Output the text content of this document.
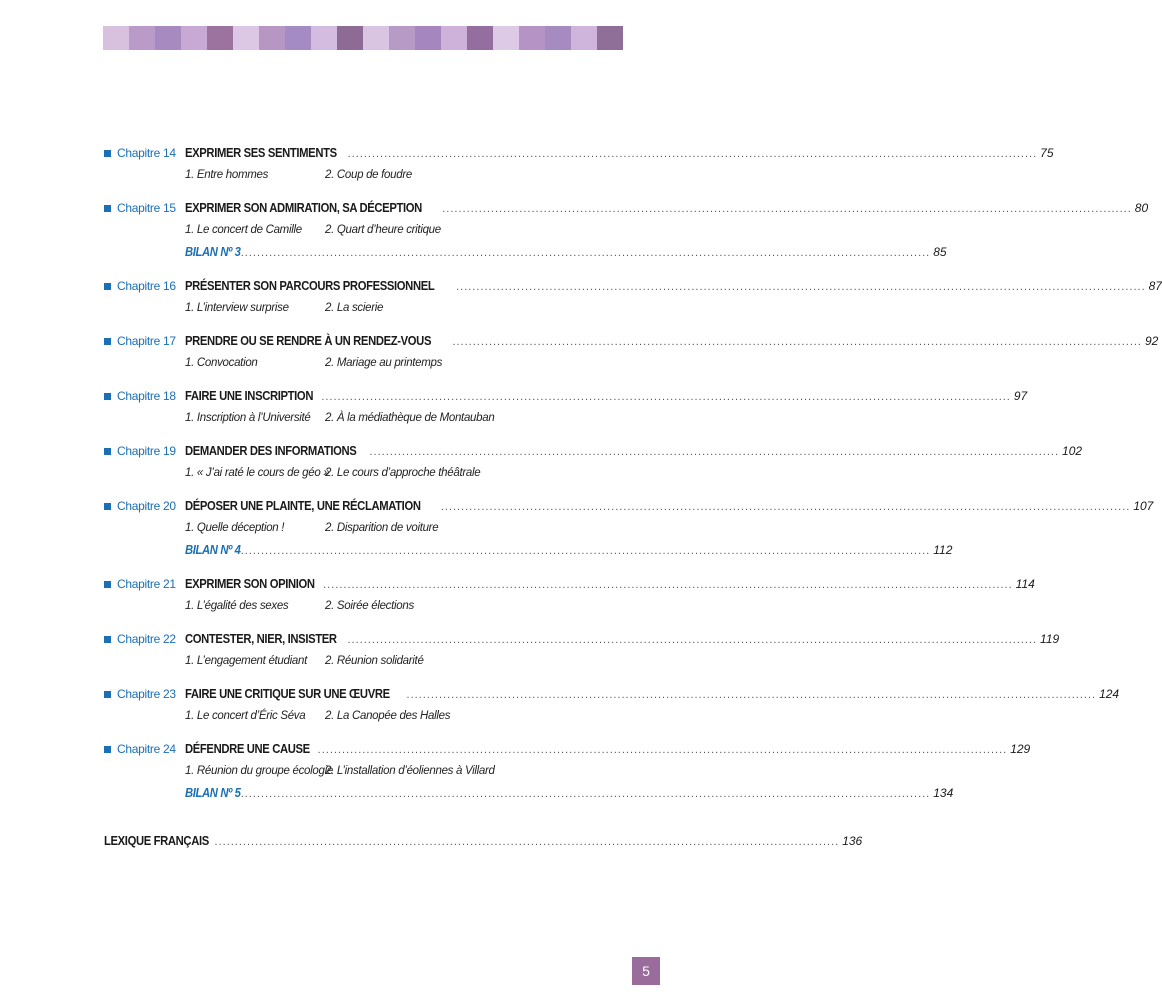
Chapitre 14 EXPRIMER SES SENTIMENTS .......................................................................................................................................................................... 75
1. Entre hommes	2. Coup de foudre
Chapitre 15 EXPRIMER SON ADMIRATION, SA DÉCEPTION .......................................................................................................................................................................... 80
1. Le concert de Camille 2. Quart d’heure critique
BILAN Nº 3 .......................................................................................................................................................................... 85
Chapitre 16 PRÉSENTER SON PARCOURS PROFESSIONNEL .......................................................................................................................................................................... 87
1. L’interview surprise	2. La scierie
Chapitre 17 PRENDRE OU SE RENDRE À UN RENDEZ-VOUS .......................................................................................................................................................................... 92
1. Convocation	2. Mariage au printemps
Chapitre 18 FAIRE UNE INSCRIPTION .......................................................................................................................................................................... 97
1. Inscription à l’Université 2. À la médiathèque de Montauban
Chapitre 19 DEMANDER DES INFORMATIONS .......................................................................................................................................................................... 102
1. « J’ai raté le cours de géo »
2. Le cours d’approche théâtrale
Chapitre 20 DÉPOSER UNE PLAINTE, UNE RÉCLAMATION .......................................................................................................................................................................... 107
1. Quelle déception !	2. Disparition de voiture
BILAN Nº 4 .......................................................................................................................................................................... 112
Chapitre 21 EXPRIMER SON OPINION .......................................................................................................................................................................... 114
1. L’égalité des sexes	2. Soirée élections
Chapitre 22 CONTESTER, NIER, INSISTER .......................................................................................................................................................................... 119
1. L’engagement étudiant 2. Réunion solidarité
Chapitre 23 FAIRE UNE CRITIQUE SUR UNE ŒUVRE .......................................................................................................................................................................... 124
1. Le concert d’Éric Séva 2. La Canopée des Halles
Chapitre 24 DÉFENDRE UNE CAUSE .......................................................................................................................................................................... 129
1. Réunion du groupe écologie
2. L’installation d’éoliennes à Villard
BILAN Nº 5 .......................................................................................................................................................................... 134
LEXIQUE FRANÇAIS .......................................................................................................................................................... 136
5
